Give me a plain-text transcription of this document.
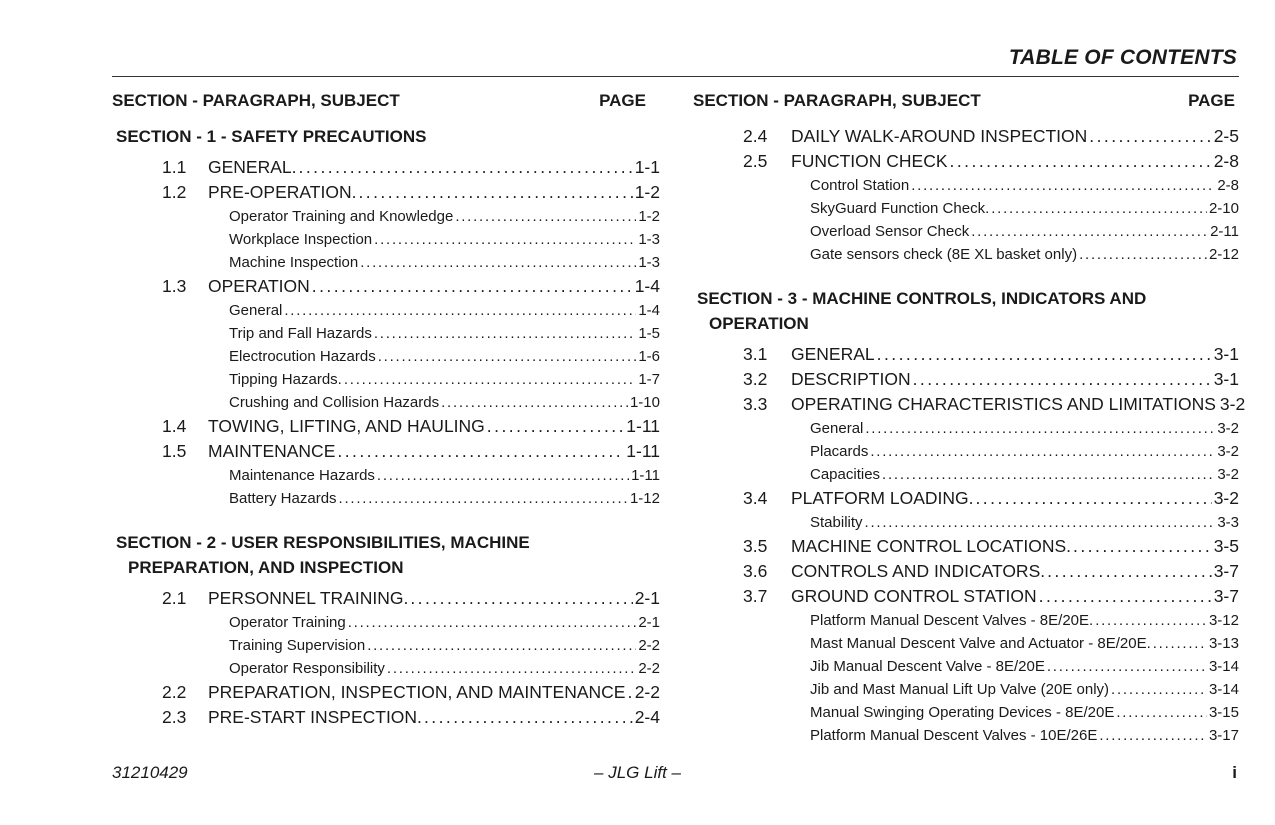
TABLE OF CONTENTS
SECTION - PARAGRAPH, SUBJECT	PAGE
SECTION - 1 - SAFETY PRECAUTIONS
1.1	GENERAL. . . .	1-1
1.2	PRE-OPERATION. . . .	1-2
Operator Training and Knowledge . . .	1-2
Workplace Inspection . . .	1-3
Machine Inspection . . .	1-3
1.3	OPERATION . . .	1-4
General . . .	1-4
Trip and Fall Hazards . . .	1-5
Electrocution Hazards . . .	1-6
Tipping Hazards. . . .	1-7
Crushing and Collision Hazards . . .	1-10
1.4	TOWING, LIFTING, AND HAULING . . .	1-11
1.5	MAINTENANCE . . .	1-11
Maintenance Hazards . . .	1-11
Battery Hazards . . .	1-12
SECTION - 2 - USER RESPONSIBILITIES, MACHINE
PREPARATION, AND INSPECTION
2.1	PERSONNEL TRAINING. . . .	2-1
Operator Training . . .	2-1
Training Supervision . . .	2-2
Operator Responsibility . . .	2-2
2.2	PREPARATION, INSPECTION, AND MAINTENANCE . . . 2-2
2.3	PRE-START INSPECTION. . . .	2-4
SECTION - PARAGRAPH, SUBJECT	PAGE
2.4	DAILY WALK-AROUND INSPECTION . . .	2-5
2.5	FUNCTION CHECK . . .	2-8
Control Station . . .	2-8
SkyGuard Function Check. . . .	2-10
Overload Sensor Check . . .	2-11
Gate sensors check (8E XL basket only) . . .	2-12
SECTION - 3 - MACHINE CONTROLS, INDICATORS AND
OPERATION
3.1	GENERAL . . .	3-1
3.2	DESCRIPTION . . .	3-1
3.3	OPERATING CHARACTERISTICS AND LIMITATIONS 3-2
General . . .	3-2
Placards . . .	3-2
Capacities . . .	3-2
3.4	PLATFORM LOADING. . . .	3-2
Stability . . .	3-3
3.5	MACHINE CONTROL LOCATIONS. . . .	3-5
3.6	CONTROLS AND INDICATORS. . . .	3-7
3.7	GROUND CONTROL STATION . . .	3-7
Platform Manual Descent Valves - 8E/20E. . . .	3-12
Mast Manual Descent Valve and Actuator - 8E/20E. . . .	3-13
Jib Manual Descent Valve - 8E/20E . . .	3-14
Jib and Mast Manual Lift Up Valve (20E only) . . .	3-14
Manual Swinging Operating Devices - 8E/20E . . .	3-15
Platform Manual Descent Valves - 10E/26E . . .	3-17
31210429	– JLG Lift –	i
